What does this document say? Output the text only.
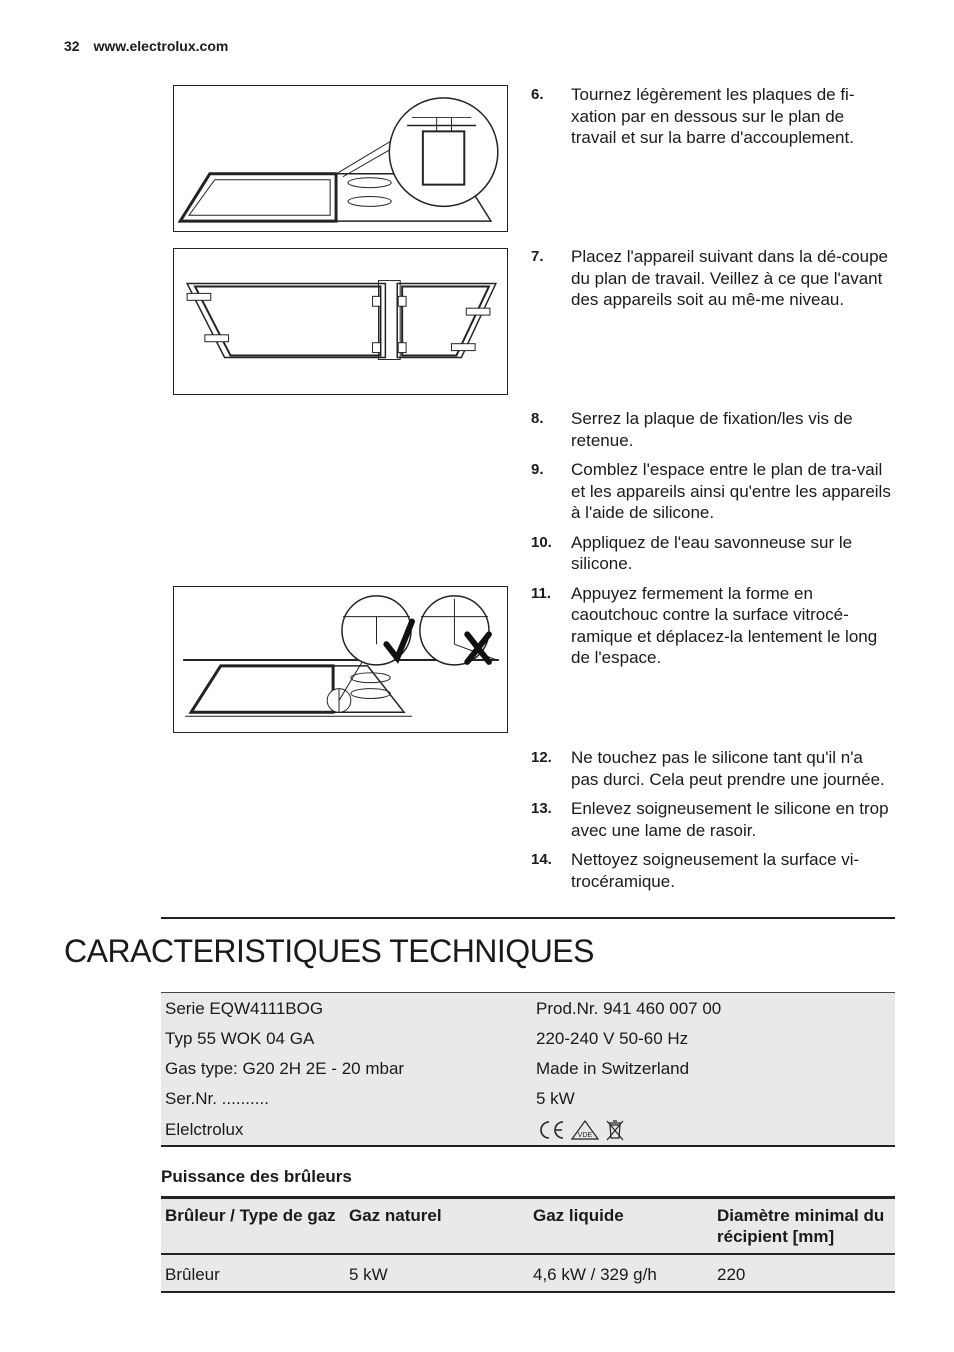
32 www.electrolux.com
6.	Tournez légèrement les plaques de fi-xation par en dessous sur le plan de travail et sur la barre d'accouplement.
7.	Placez l'appareil suivant dans la dé-coupe du plan de travail. Veillez à ce que l'avant des appareils soit au mê-me niveau.
8.	Serrez la plaque de fixation/les vis de retenue.
9.	Comblez l'espace entre le plan de tra-vail et les appareils ainsi qu'entre les appareils à l'aide de silicone.
10.	Appliquez de l'eau savonneuse sur le silicone.
11.	Appuyez fermement la forme en caoutchouc contre la surface vitrocé-ramique et déplacez-la lentement le long de l'espace.
12.	Ne touchez pas le silicone tant qu'il n'a pas durci. Cela peut prendre une journée.
13.	Enlevez soigneusement le silicone en trop avec une lame de rasoir.
14.	Nettoyez soigneusement la surface vi-trocéramique.
CARACTERISTIQUES TECHNIQUES
Serie EQW4111BOG	Prod.Nr. 941 460 007 00
Typ 55 WOK 04 GA	220-240 V 50-60 Hz
Gas type: G20 2H 2E - 20 mbar	Made in Switzerland
Ser.Nr. ..........	5 kW
Elelctrolux	VDE
Puissance des brûleurs
Brûleur / Type de gaz	Gaz naturel	Gaz liquide	Diamètre minimal du récipient [mm]
Brûleur	5 kW	4,6 kW / 329 g/h	220
